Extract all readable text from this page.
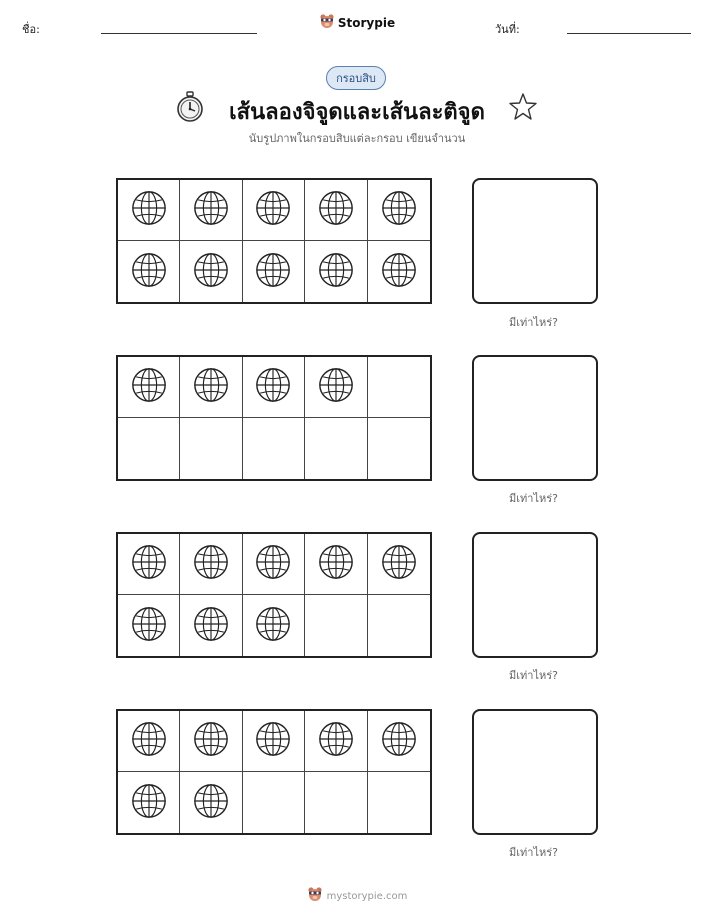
ชื่อ:	Storypie	วันที่:
กรอบสิบ
เส้นลองจิจูดและเส้นละติจูด
นับรูปภาพในกรอบสิบแต่ละกรอบ เขียนจำนวน
มีเท่าไหร่?
มีเท่าไหร่?
มีเท่าไหร่?
มีเท่าไหร่?
mystorypie.com
